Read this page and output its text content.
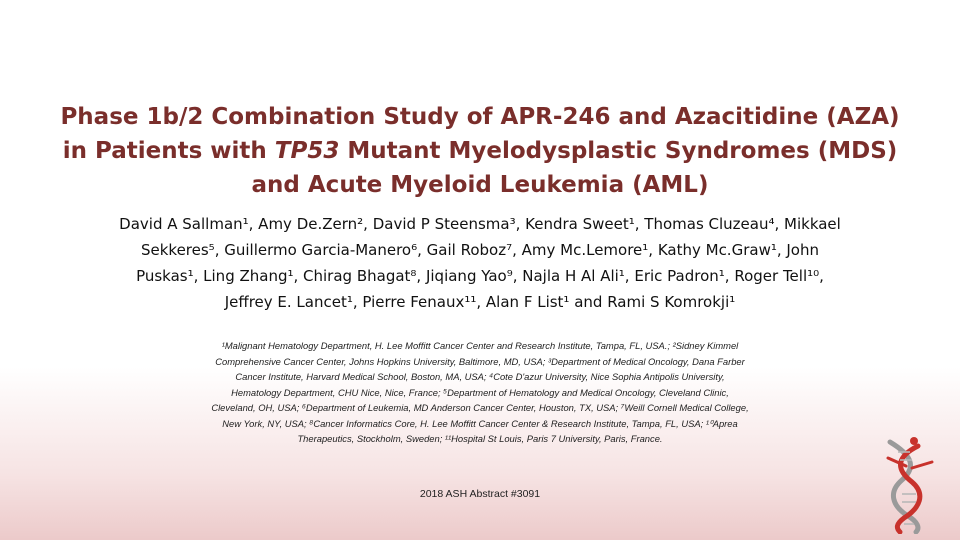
Phase 1b/2 Combination Study of APR-246 and Azacitidine (AZA)
in Patients with TP53 Mutant Myelodysplastic Syndromes (MDS)
and Acute Myeloid Leukemia (AML)

David A Sallman¹, Amy De.Zern², David P Steensma³, Kendra Sweet¹, Thomas Cluzeau⁴, Mikkael
Sekkeres⁵, Guillermo Garcia-Manero⁶, Gail Roboz⁷, Amy Mc.Lemore¹, Kathy Mc.Graw¹, John
Puskas¹, Ling Zhang¹, Chirag Bhagat⁸, Jiqiang Yao⁹, Najla H Al Ali¹, Eric Padron¹, Roger Tell¹⁰,
Jeffrey E. Lancet¹, Pierre Fenaux¹¹, Alan F List¹ and Rami S Komrokji¹

¹Malignant Hematology Department, H. Lee Moffitt Cancer Center and Research Institute, Tampa, FL, USA.; ²Sidney Kimmel
Comprehensive Cancer Center, Johns Hopkins University, Baltimore, MD, USA; ³Department of Medical Oncology, Dana Farber
Cancer Institute, Harvard Medical School, Boston, MA, USA; ⁴Cote D'azur University, Nice Sophia Antipolis University,
Hematology Department, CHU Nice, Nice, France; ⁵Department of Hematology and Medical Oncology, Cleveland Clinic,
Cleveland, OH, USA; ⁶Department of Leukemia, MD Anderson Cancer Center, Houston, TX, USA; ⁷Weill Cornell Medical College,
New York, NY, USA; ⁸Cancer Informatics Core, H. Lee Moffitt Cancer Center & Research Institute, Tampa, FL, USA; ¹⁰Aprea
Therapeutics, Stockholm, Sweden; ¹¹Hospital St Louis, Paris 7 University, Paris, France.

2018 ASH Abstract #3091
